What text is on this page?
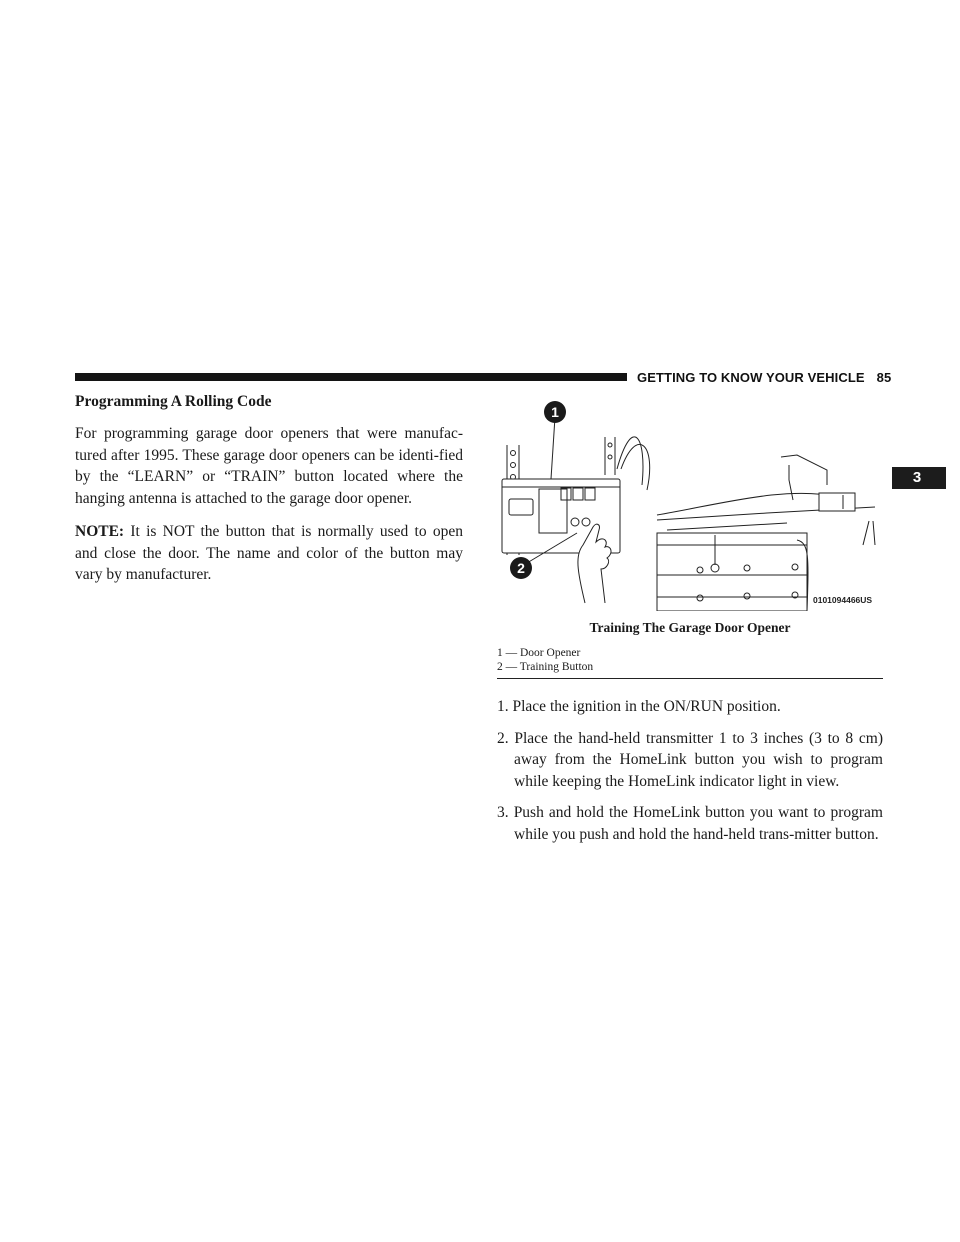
GETTING TO KNOW YOUR VEHICLE 85
3
Programming A Rolling Code

For programming garage door openers that were manufac-tured after 1995. These garage door openers can be identi-fied by the “LEARN” or “TRAIN” button located where the hanging antenna is attached to the garage door opener.

NOTE: It is NOT the button that is normally used to open and close the door. The name and color of the button may vary by manufacturer.

1
2
0101094466US
Training The Garage Door Opener
1 — Door Opener
2 — Training Button
1. Place the ignition in the ON/RUN position.
2. Place the hand-held transmitter 1 to 3 inches (3 to 8 cm) away from the HomeLink button you wish to program while keeping the HomeLink indicator light in view.
3. Push and hold the HomeLink button you want to program while you push and hold the hand-held trans-mitter button.
